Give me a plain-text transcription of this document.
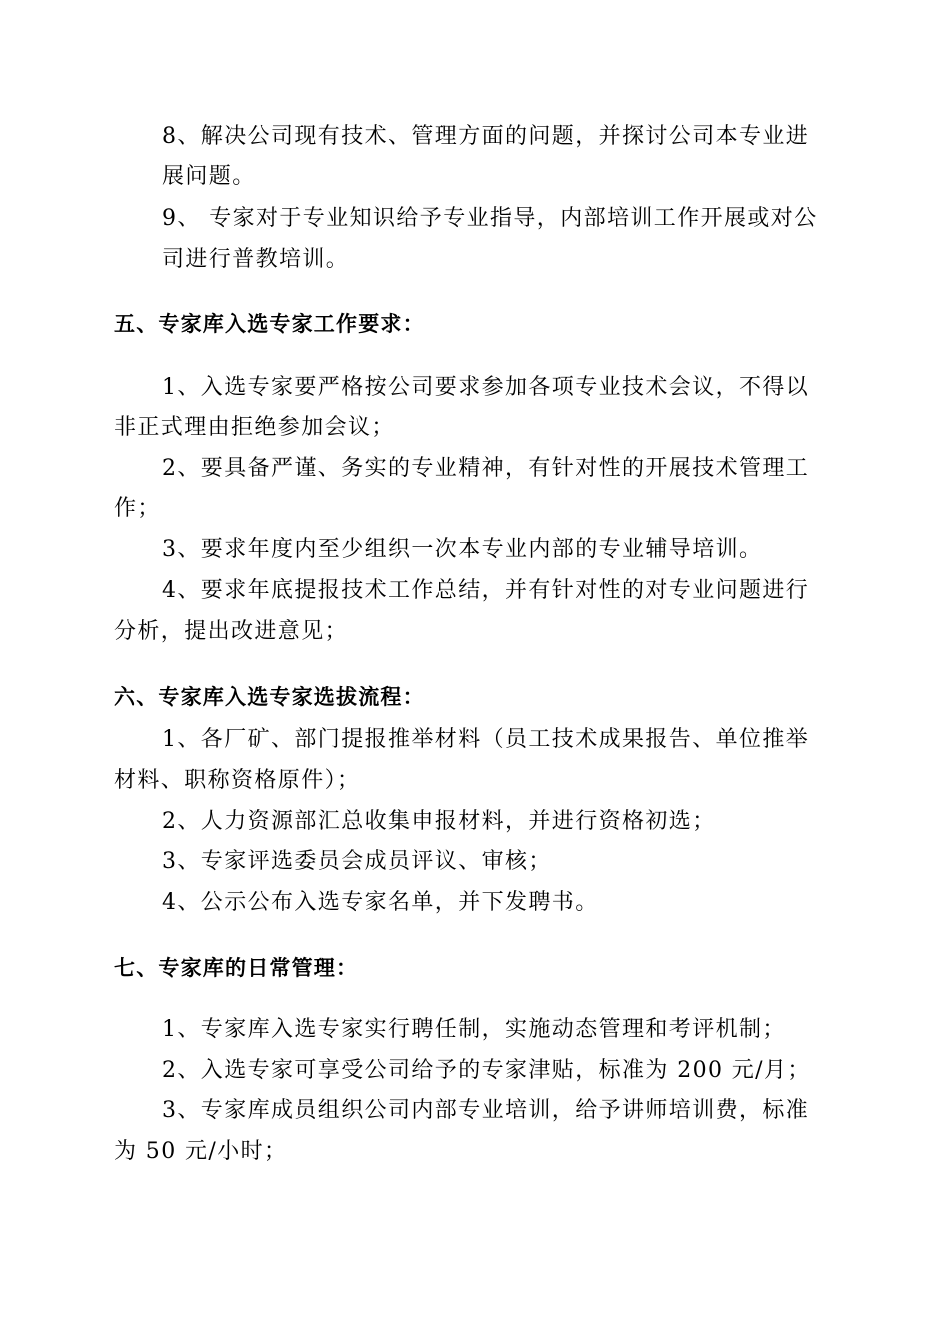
8、解决公司现有技术、管理方面的问题，并探讨公司本专业进
展问题。
9、 专家对于专业知识给予专业指导，内部培训工作开展或对公
司进行普教培训。
五、专家库入选专家工作要求：
1、入选专家要严格按公司要求参加各项专业技术会议，不得以
非正式理由拒绝参加会议；
2、要具备严谨、务实的专业精神，有针对性的开展技术管理工
作；
3、要求年度内至少组织一次本专业内部的专业辅导培训。
4、要求年底提报技术工作总结，并有针对性的对专业问题进行
分析，提出改进意见；
六、专家库入选专家选拔流程：
1、各厂矿、部门提报推举材料（员工技术成果报告、单位推举
材料、职称资格原件）；
2、人力资源部汇总收集申报材料，并进行资格初选；
3、专家评选委员会成员评议、审核；
4、公示公布入选专家名单，并下发聘书。
七、专家库的日常管理：
1、专家库入选专家实行聘任制，实施动态管理和考评机制；
2、入选专家可享受公司给予的专家津贴，标准为 200 元/月；
3、专家库成员组织公司内部专业培训，给予讲师培训费，标准
为 50 元/小时；
